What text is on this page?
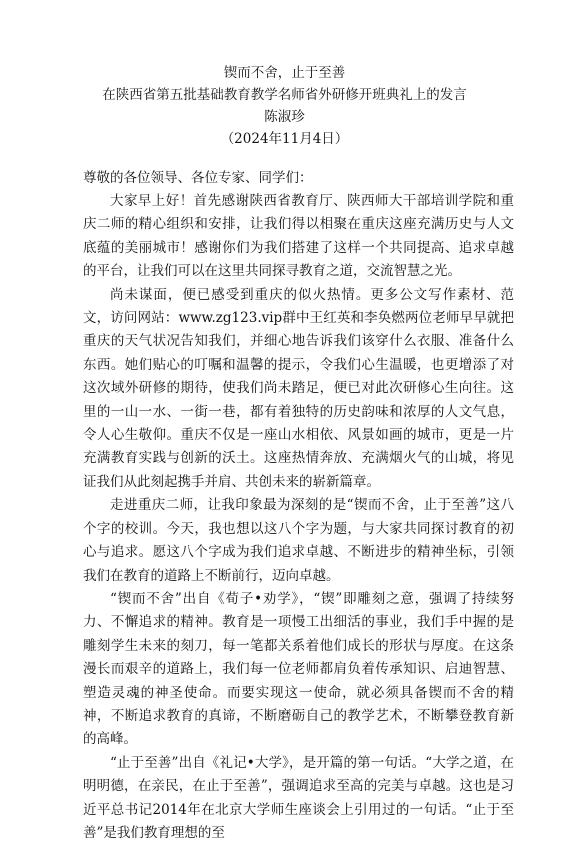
锲而不舍，止于至善

在陕西省第五批基础教育教学名师省外研修开班典礼上的发言

陈淑珍

（2024年11月4日）

尊敬的各位领导、各位专家、同学们：

大家早上好！首先感谢陕西省教育厅、陕西师大干部培训学院和重庆二师的精心组织和安排，让我们得以相聚在重庆这座充满历史与人文底蕴的美丽城市！感谢你们为我们搭建了这样一个共同提高、追求卓越的平台，让我们可以在这里共同探寻教育之道，交流智慧之光。

尚未谋面，便已感受到重庆的似火热情。更多公文写作素材、范文，访问网站：www.zg123.vip群中王红英和李奂燃两位老师早早就把重庆的天气状况告知我们，并细心地告诉我们该穿什么衣服、准备什么东西。她们贴心的叮嘱和温馨的提示，令我们心生温暖，也更增添了对这次域外研修的期待，使我们尚未踏足，便已对此次研修心生向往。这里的一山一水、一街一巷，都有着独特的历史韵味和浓厚的人文气息，令人心生敬仰。重庆不仅是一座山水相依、风景如画的城市，更是一片充满教育实践与创新的沃土。这座热情奔放、充满烟火气的山城，将见证我们从此刻起携手并肩、共创未来的崭新篇章。

走进重庆二师，让我印象最为深刻的是“锲而不舍，止于至善”这八个字的校训。今天，我也想以这八个字为题，与大家共同探讨教育的初心与追求。愿这八个字成为我们追求卓越、不断进步的精神坐标，引领我们在教育的道路上不断前行，迈向卓越。

“锲而不舍”出自《荀子•劝学》，“锲”即雕刻之意，强调了持续努力、不懈追求的精神。教育是一项慢工出细活的事业，我们手中握的是雕刻学生未来的刻刀，每一笔都关系着他们成长的形状与厚度。在这条漫长而艰辛的道路上，我们每一位老师都肩负着传承知识、启迪智慧、塑造灵魂的神圣使命。而要实现这一使命，就必须具备锲而不舍的精神，不断追求教育的真谛，不断磨砺自己的教学艺术，不断攀登教育新的高峰。

“止于至善”出自《礼记•大学》，是开篇的第一句话。“大学之道，在明明德，在亲民，在止于至善”，强调追求至高的完美与卓越。这也是习近平总书记2014年在北京大学师生座谈会上引用过的一句话。“止于至善”是我们教育理想的至
